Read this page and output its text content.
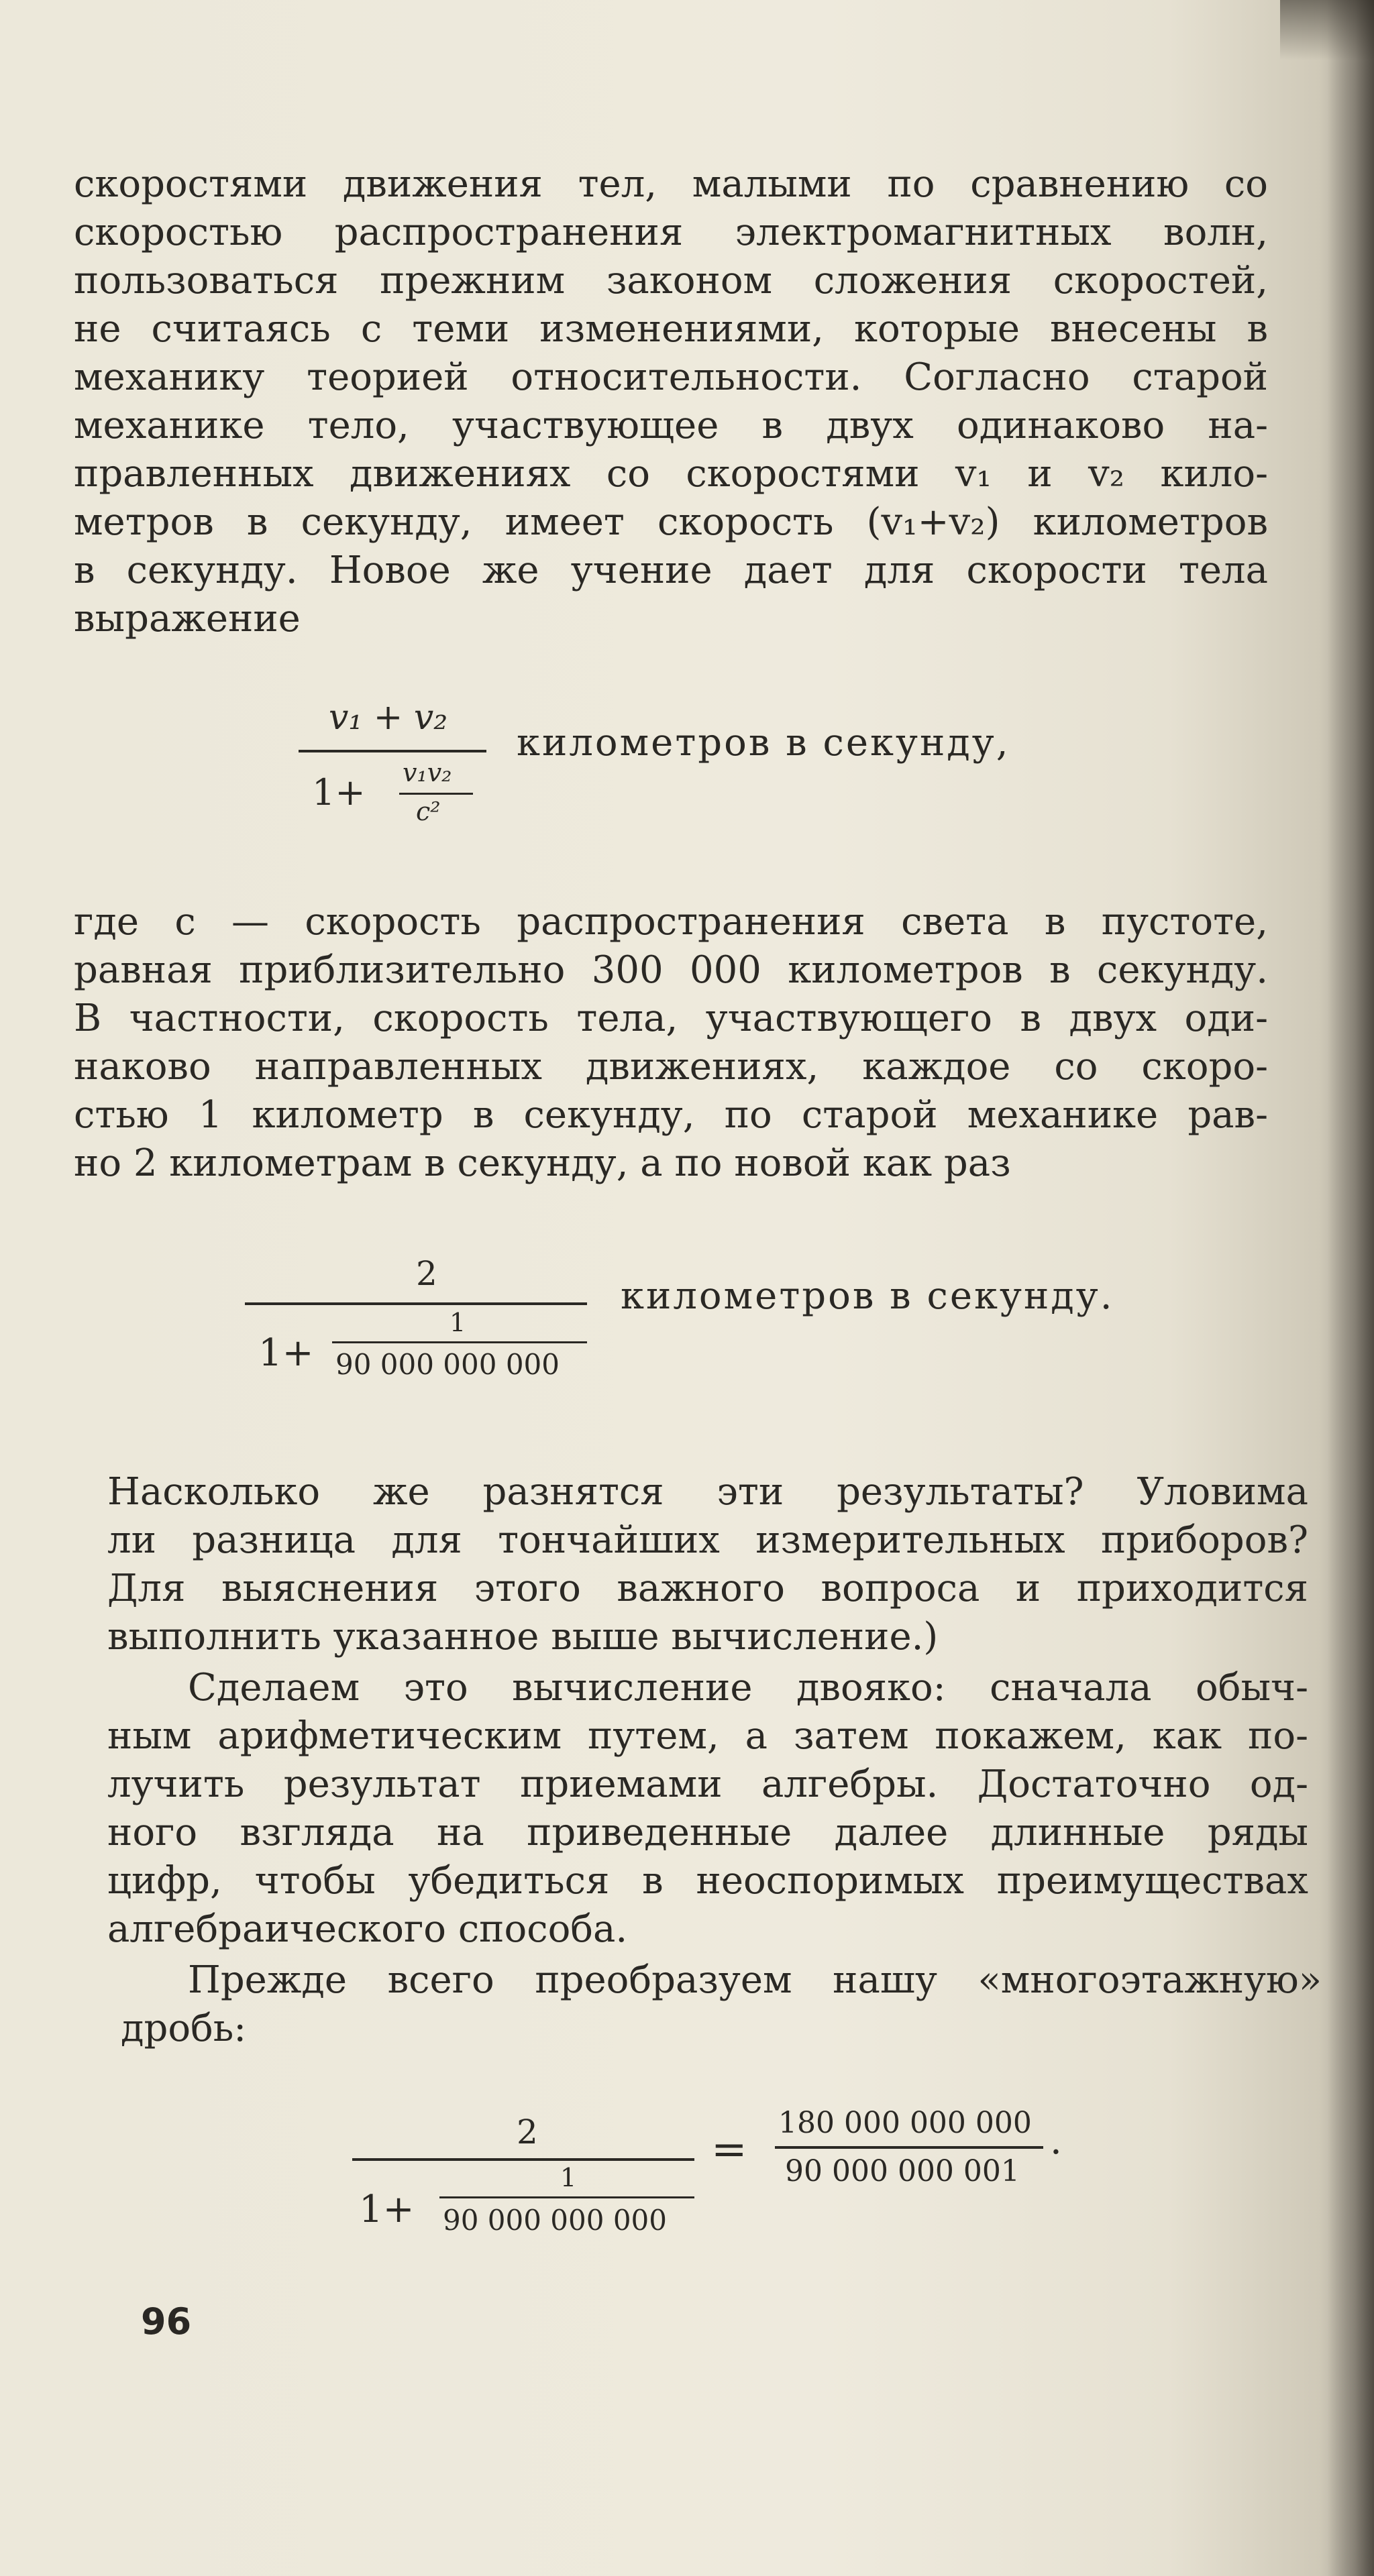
скоростями движения тел, малыми по сравнению со
скоростью распространения электромагнитных волн,
пользоваться прежним законом сложения скоростей,
не считаясь с теми изменениями, которые внесены в
механику теорией относительности. Согласно старой
механике тело, участвующее в двух одинаково на-
правленных движениях со скоростями v₁ и v₂ кило-
метров в секунду, имеет скорость (v₁+v₂) километров
в секунду. Новое же учение дает для скорости тела
выражение
v₁ + v₂
1+ v₁v₂
c²
километров в секунду,
где c — скорость распространения света в пустоте,
равная приблизительно 300 000 километров в секунду.
В частности, скорость тела, участвующего в двух оди-
наково направленных движениях, каждое со скоро-
стью 1 километр в секунду, по старой механике рав-
но 2 километрам в секунду, а по новой как раз
2
1+
1
90 000 000 000
километров в секунду.
Насколько же разнятся эти результаты? Уловима
ли разница для тончайших измерительных приборов?
Для выяснения этого важного вопроса и приходится
выполнить указанное выше вычисление.)
Сделаем это вычисление двояко: сначала обыч-
ным арифметическим путем, а затем покажем, как по-
лучить результат приемами алгебры. Достаточно од-
ного взгляда на приведенные далее длинные ряды
цифр, чтобы убедиться в неоспоримых преимуществах
алгебраического способа.
Прежде всего преобразуем нашу «многоэтажную»
дробь:
2
1+
1
90 000 000 000
=
180 000 000 000
90 000 000 001
.
96
